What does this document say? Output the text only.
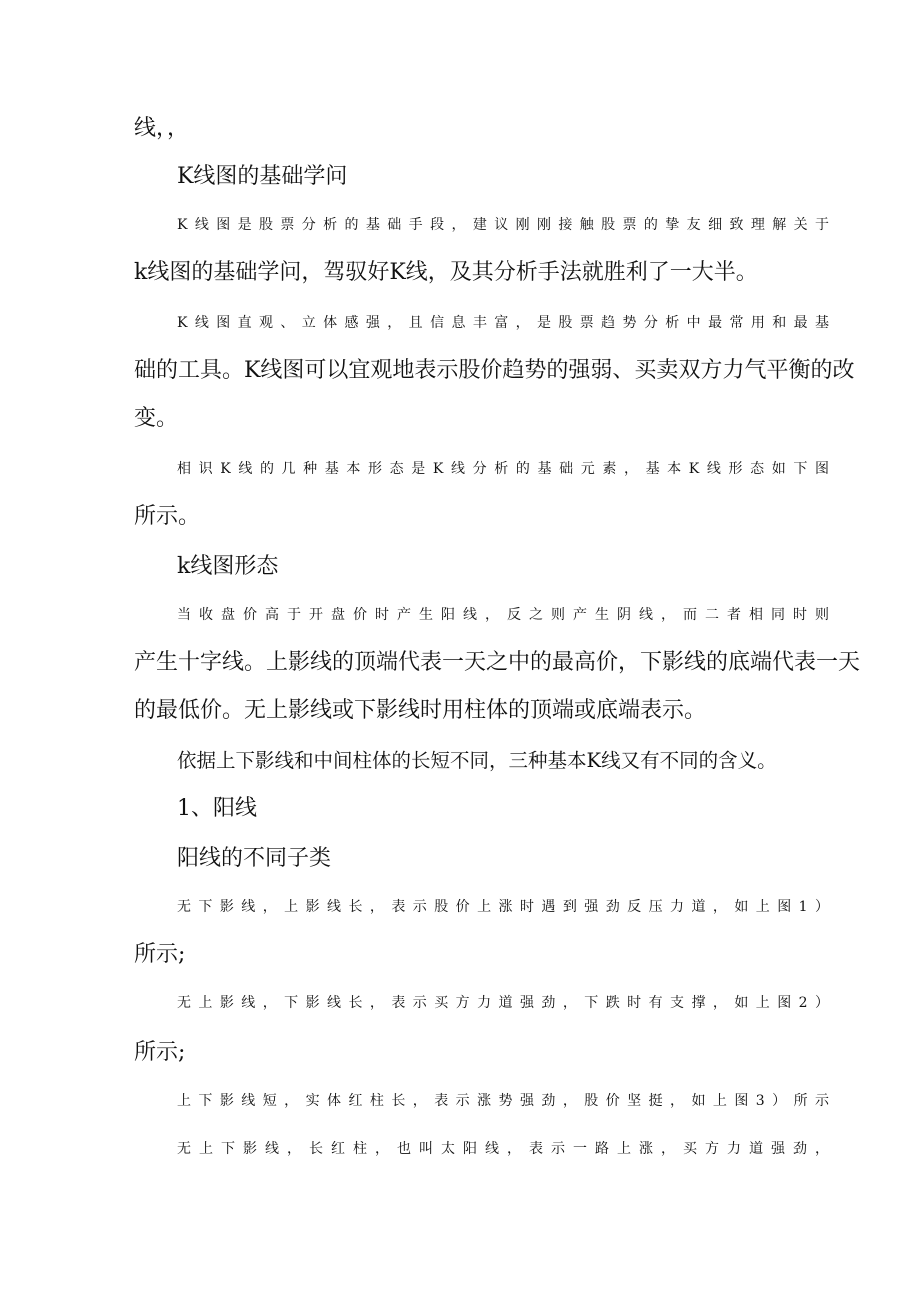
线，，
K线图的基础学问
K线图是股票分析的基础手段，建议刚刚接触股票的挚友细致理解关于
k线图的基础学问，驾驭好K线，及其分析手法就胜利了一大半。
K线图直观、立体感强，且信息丰富，是股票趋势分析中最常用和最基
础的工具。K线图可以宜观地表示股价趋势的强弱、买卖双方力气平衡的改
变。
相识K线的几种基本形态是K线分析的基础元素，基本K线形态如下图
所示。
k线图形态
当收盘价高于开盘价时产生阳线，反之则产生阴线，而二者相同时则
产生十字线。上影线的顶端代表一天之中的最高价，下影线的底端代表一天
的最低价。无上影线或下影线时用柱体的顶端或底端表示。
依据上下影线和中间柱体的长短不同，三种基本K线又有不同的含义。
1、阳线
阳线的不同子类
无下影线，上影线长，表示股价上涨时遇到强劲反压力道，如上图1）
所示;
无上影线，下影线长，表示买方力道强劲，下跌时有支撑，如上图2）
所示;
上下影线短，实体红柱长，表示涨势强劲，股价坚挺，如上图3）所示
无上下影线，长红柱，也叫太阳线，表示一路上涨，买方力道强劲，
